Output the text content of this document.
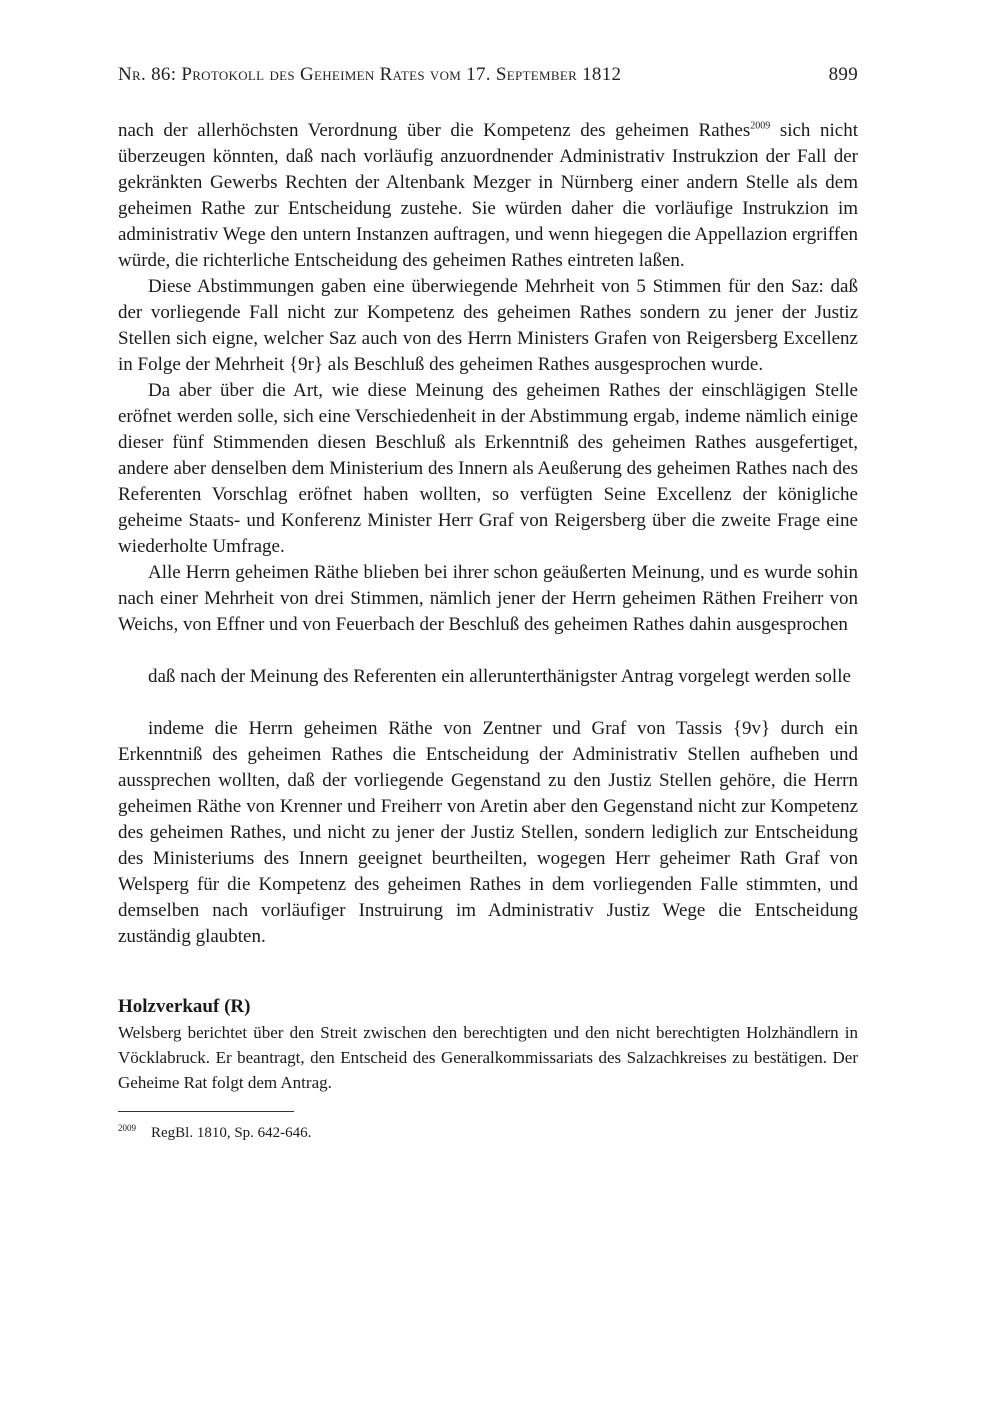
Nr. 86: Protokoll des Geheimen Rates vom 17. September 1812	899

nach der allerhöchsten Verordnung über die Kompetenz des geheimen Rathes$^{2009}$ sich nicht überzeugen könnten, daß nach vorläufig anzuordnender Administrativ Instrukzion der Fall der gekränkten Gewerbs Rechten der Altenbank Mezger in Nürnberg einer andern Stelle als dem geheimen Rathe zur Entscheidung zustehe. Sie würden daher die vorläufige Instrukzion im administrativ Wege den untern Instanzen auftragen, und wenn hiegegen die Appellazion ergriffen würde, die richterliche Entscheidung des geheimen Rathes eintreten laßen.

Diese Abstimmungen gaben eine überwiegende Mehrheit von 5 Stimmen für den Saz: daß der vorliegende Fall nicht zur Kompetenz des geheimen Rathes sondern zu jener der Justiz Stellen sich eigne, welcher Saz auch von des Herrn Ministers Grafen von Reigersberg Excellenz in Folge der Mehrheit {9r} als Beschluß des geheimen Rathes ausgesprochen wurde.

Da aber über die Art, wie diese Meinung des geheimen Rathes der einschlägigen Stelle eröfnet werden solle, sich eine Verschiedenheit in der Abstimmung ergab, indeme nämlich einige dieser fünf Stimmenden diesen Beschluß als Erkenntniß des geheimen Rathes ausgefertiget, andere aber denselben dem Ministerium des Innern als Aeußerung des geheimen Rathes nach des Referenten Vorschlag eröfnet haben wollten, so verfügten Seine Excellenz der königliche geheime Staats- und Konferenz Minister Herr Graf von Reigersberg über die zweite Frage eine wiederholte Umfrage.

Alle Herrn geheimen Räthe blieben bei ihrer schon geäußerten Meinung, und es wurde sohin nach einer Mehrheit von drei Stimmen, nämlich jener der Herrn geheimen Räthen Freiherr von Weichs, von Effner und von Feuerbach der Beschluß des geheimen Rathes dahin ausgesprochen

daß nach der Meinung des Referenten ein allerunterthänigster Antrag vorgelegt werden solle

indeme die Herrn geheimen Räthe von Zentner und Graf von Tassis {9v} durch ein Erkenntniß des geheimen Rathes die Entscheidung der Administrativ Stellen aufheben und aussprechen wollten, daß der vorliegende Gegenstand zu den Justiz Stellen gehöre, die Herrn geheimen Räthe von Krenner und Freiherr von Aretin aber den Gegenstand nicht zur Kompetenz des geheimen Rathes, und nicht zu jener der Justiz Stellen, sondern lediglich zur Entscheidung des Ministeriums des Innern geeignet beurtheilten, wogegen Herr geheimer Rath Graf von Welsperg für die Kompetenz des geheimen Rathes in dem vorliegenden Falle stimmten, und demselben nach vorläufiger Instruirung im Administrativ Justiz Wege die Entscheidung zuständig glaubten.

Holzverkauf (R)

Welsberg berichtet über den Streit zwischen den berechtigten und den nicht berechtigten Holzhändlern in Vöcklabruck. Er beantragt, den Entscheid des Generalkommissariats des Salzachkreises zu bestätigen. Der Geheime Rat folgt dem Antrag.

2009 RegBl. 1810, Sp. 642-646.
